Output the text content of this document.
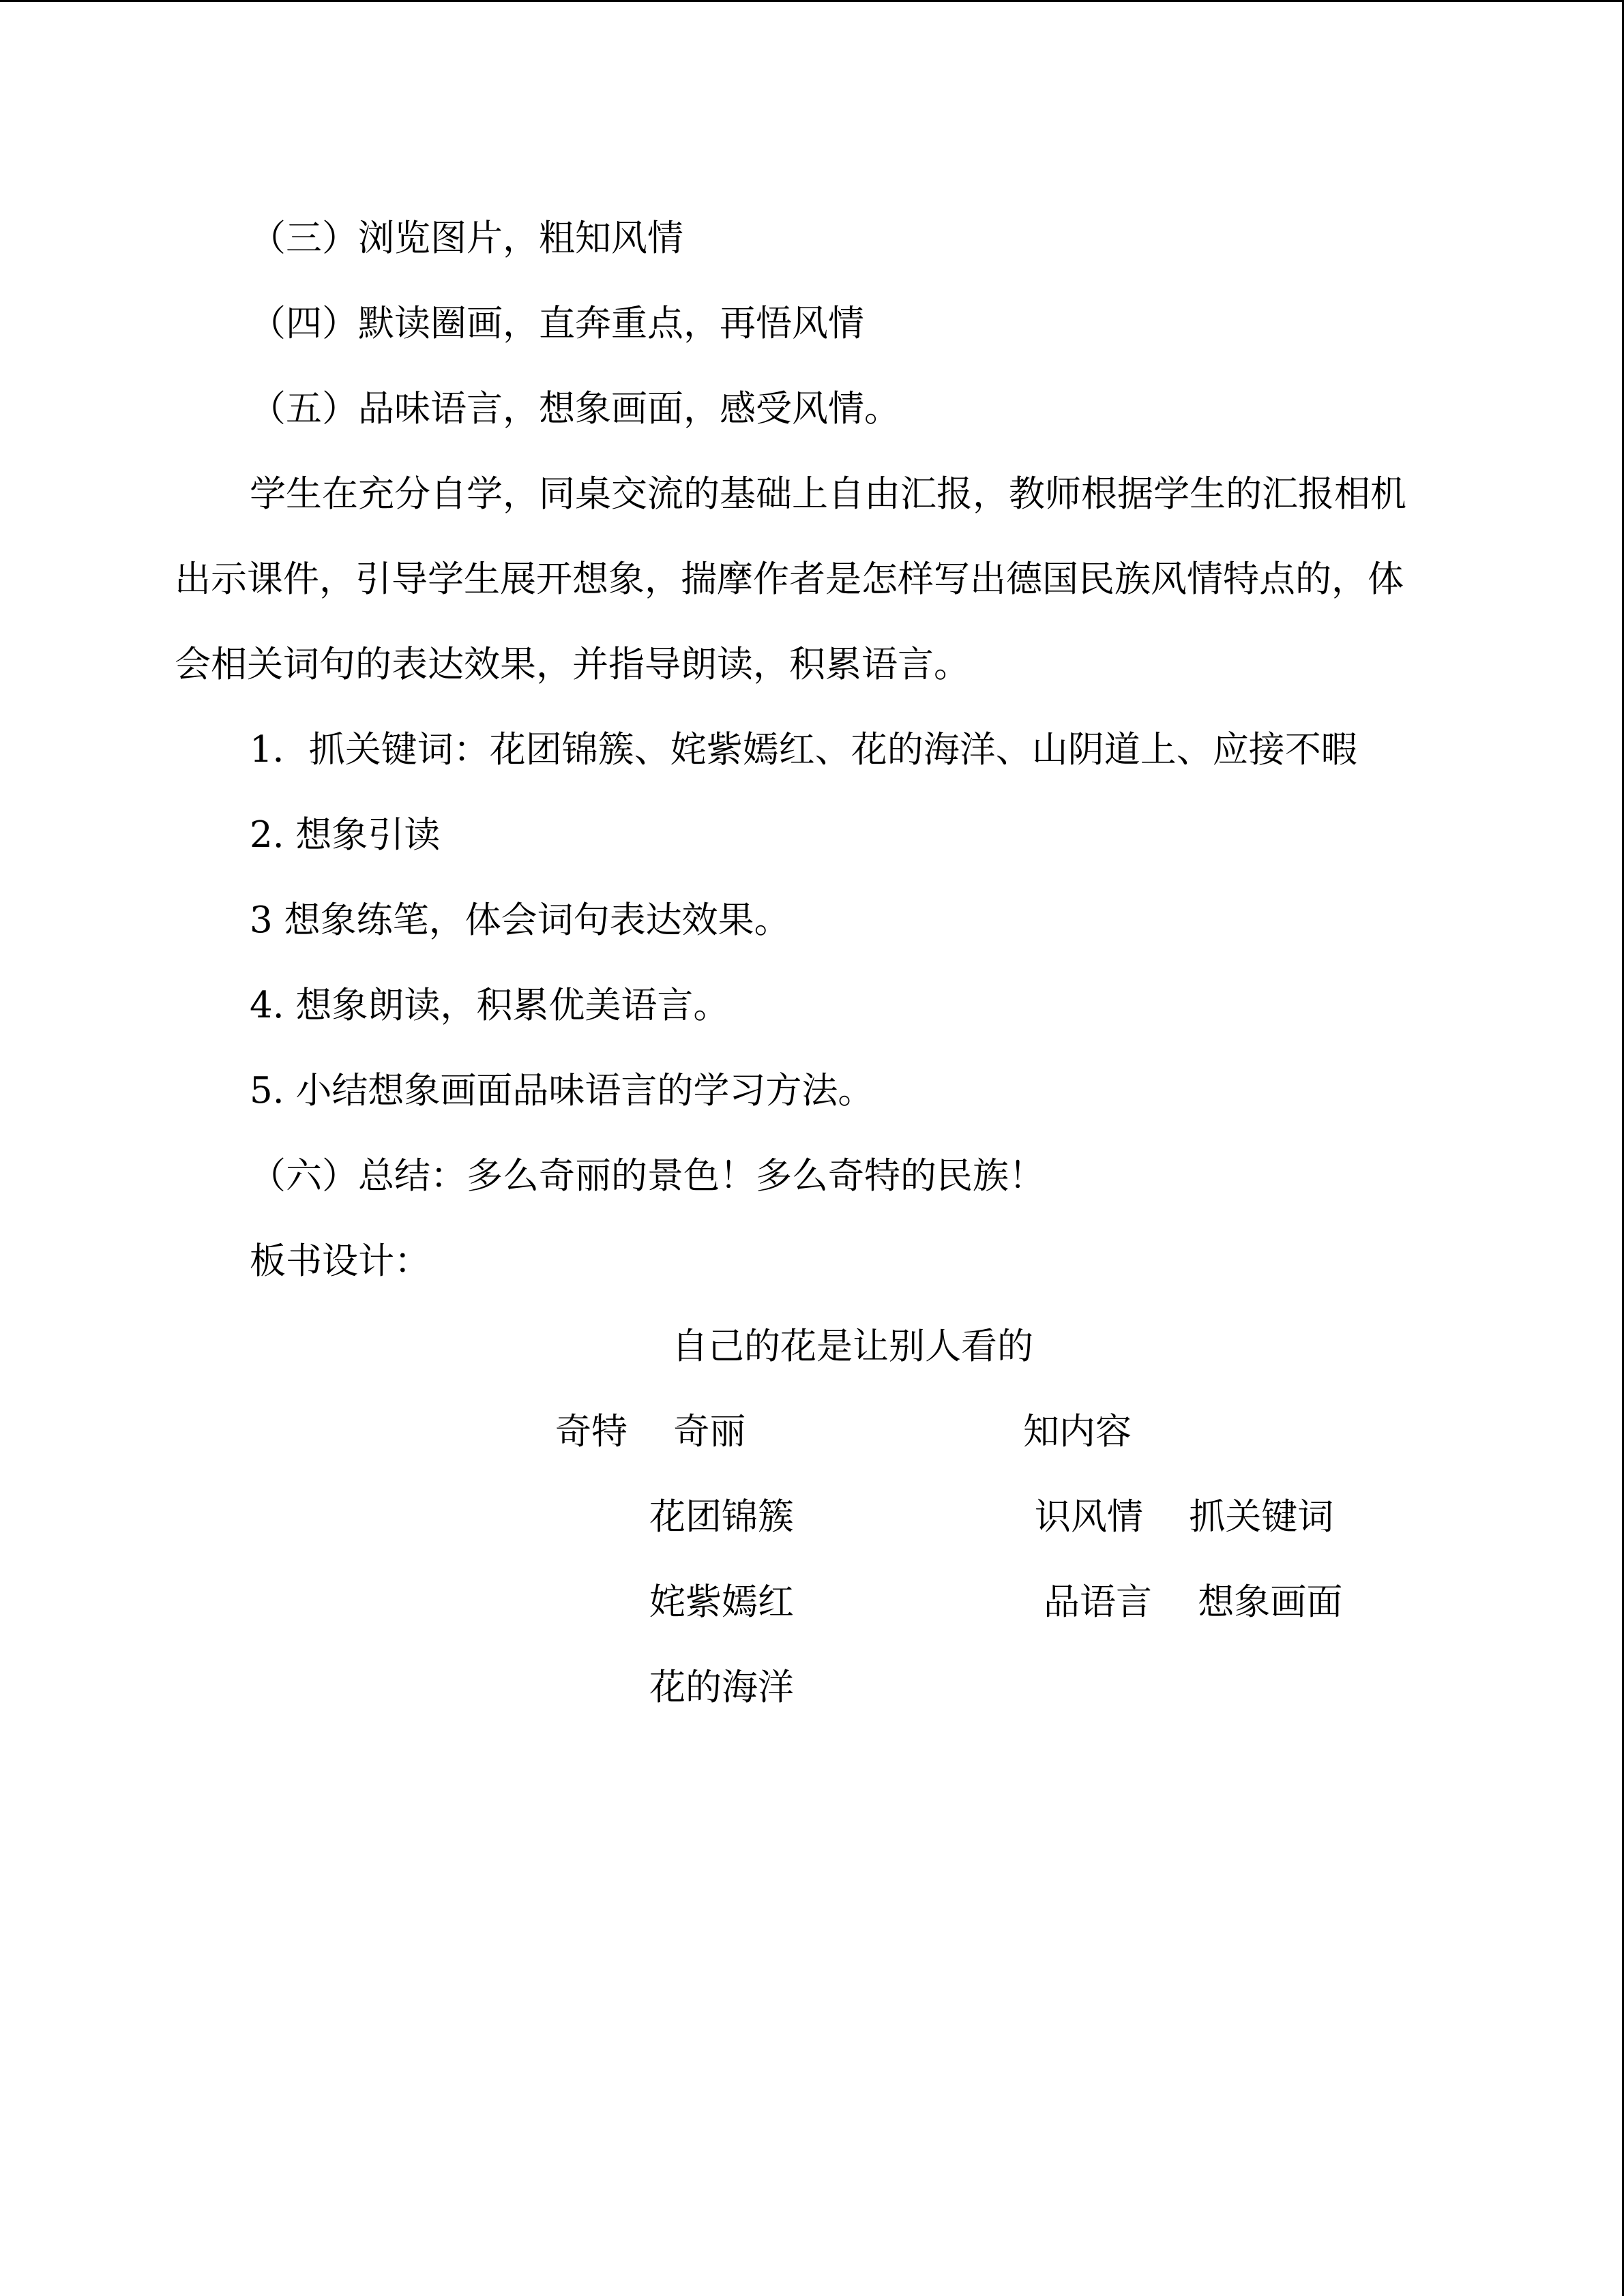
（三）浏览图片，粗知风情
（四）默读圈画，直奔重点，再悟风情
（五）品味语言，想象画面，感受风情。
学生在充分自学，同桌交流的基础上自由汇报，教师根据学生的汇报相机
出示课件，引导学生展开想象，揣摩作者是怎样写出德国民族风情特点的，体
会相关词句的表达效果，并指导朗读，积累语言。
1．抓关键词：花团锦簇、姹紫嫣红、花的海洋、山阴道上、应接不暇
2. 想象引读
3 想象练笔，体会词句表达效果。
4. 想象朗读，积累优美语言。
5. 小结想象画面品味语言的学习方法。
（六）总结：多么奇丽的景色！多么奇特的民族！
板书设计：
自己的花是让别人看的
奇特    奇丽	知内容
花团锦簇	识风情    抓关键词
姹紫嫣红	品语言    想象画面
花的海洋
